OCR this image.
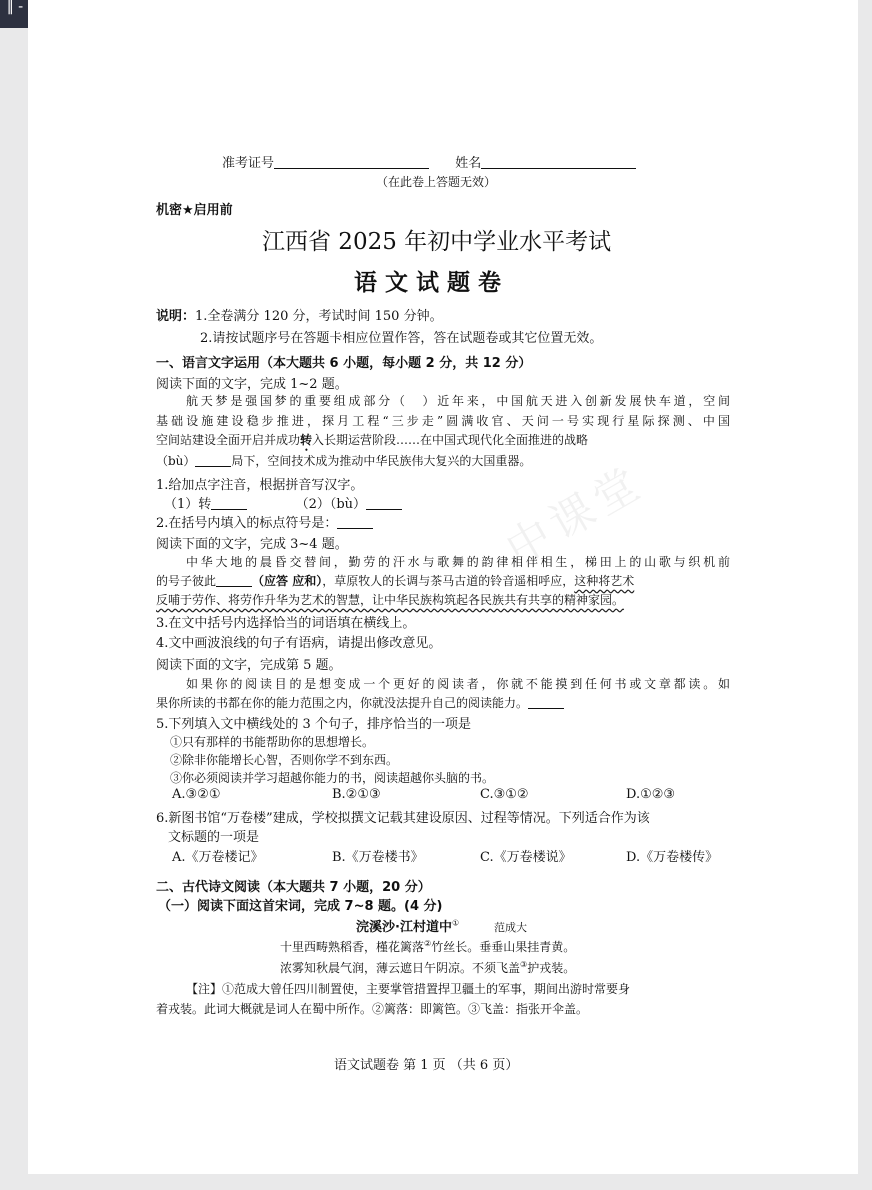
‖ -
中课堂
准考证号	姓名
（在此卷上答题无效）
机密★启用前
江西省 2025 年初中学业水平考试
语 文 试 题 卷
说明：1.全卷满分 120 分，考试时间 150 分钟。
2.请按试题序号在答题卡相应位置作答，答在试题卷或其它位置无效。
一、语言文字运用（本大题共 6 小题，每小题 2 分，共 12 分）
阅读下面的文字，完成 1~2 题。
航天梦是强国梦的重要组成部分（　）近年来，中国航天进入创新发展快车道，空间
基础设施建设稳步推进，探月工程“三步走”圆满收官、天问一号实现行星际探测、中国
空间站建设全面开启并成功转入长期运营阶段……在中国式现代化全面推进的战略
（bù）	局下，空间技术成为推动中华民族伟大复兴的大国重器。
1.给加点字注音，根据拼音写汉字。
（1）转	（2）（bù）
2.在括号内填入的标点符号是：
阅读下面的文字，完成 3~4 题。
中华大地的晨昏交替间，勤劳的汗水与歌舞的韵律相伴相生，梯田上的山歌与织机前
的号子彼此	（应答 应和），草原牧人的长调与茶马古道的铃音遥相呼应，这种将艺术
反哺于劳作、将劳作升华为艺术的智慧，让中华民族构筑起各民族共有共享的精神家园。
3.在文中括号内选择恰当的词语填在横线上。
4.文中画波浪线的句子有语病，请提出修改意见。
阅读下面的文字，完成第 5 题。
如果你的阅读目的是想变成一个更好的阅读者，你就不能摸到任何书或文章都读。如
果你所读的书都在你的能力范围之内，你就没法提升自己的阅读能力。
5.下列填入文中横线处的 3 个句子，排序恰当的一项是
①只有那样的书能帮助你的思想增长。
②除非你能增长心智，否则你学不到东西。
③你必须阅读并学习超越你能力的书，阅读超越你头脑的书。
A.③②①	B.②①③	C.③①②	D.①②③
6.新图书馆“万卷楼”建成，学校拟撰文记载其建设原因、过程等情况。下列适合作为该
文标题的一项是
A.《万卷楼记》	B.《万卷楼书》	C.《万卷楼说》	D.《万卷楼传》
二、古代诗文阅读（本大题共 7 小题，20 分）
（一）阅读下面这首宋词，完成 7~8 题。(4 分)
浣溪沙·江村道中①	范成大
十里西畴熟稻香，槿花篱落②竹丝长。垂垂山果挂青黄。
浓雾知秋晨气润，薄云遮日午阴凉。不须飞盖③护戎装。
【注】①范成大曾任四川制置使，主要掌管措置捍卫疆土的军事，期间出游时常要身
着戎装。此词大概就是词人在蜀中所作。②篱落：即篱笆。③飞盖：指张开伞盖。
语文试题卷 第 1 页 （共 6 页）
